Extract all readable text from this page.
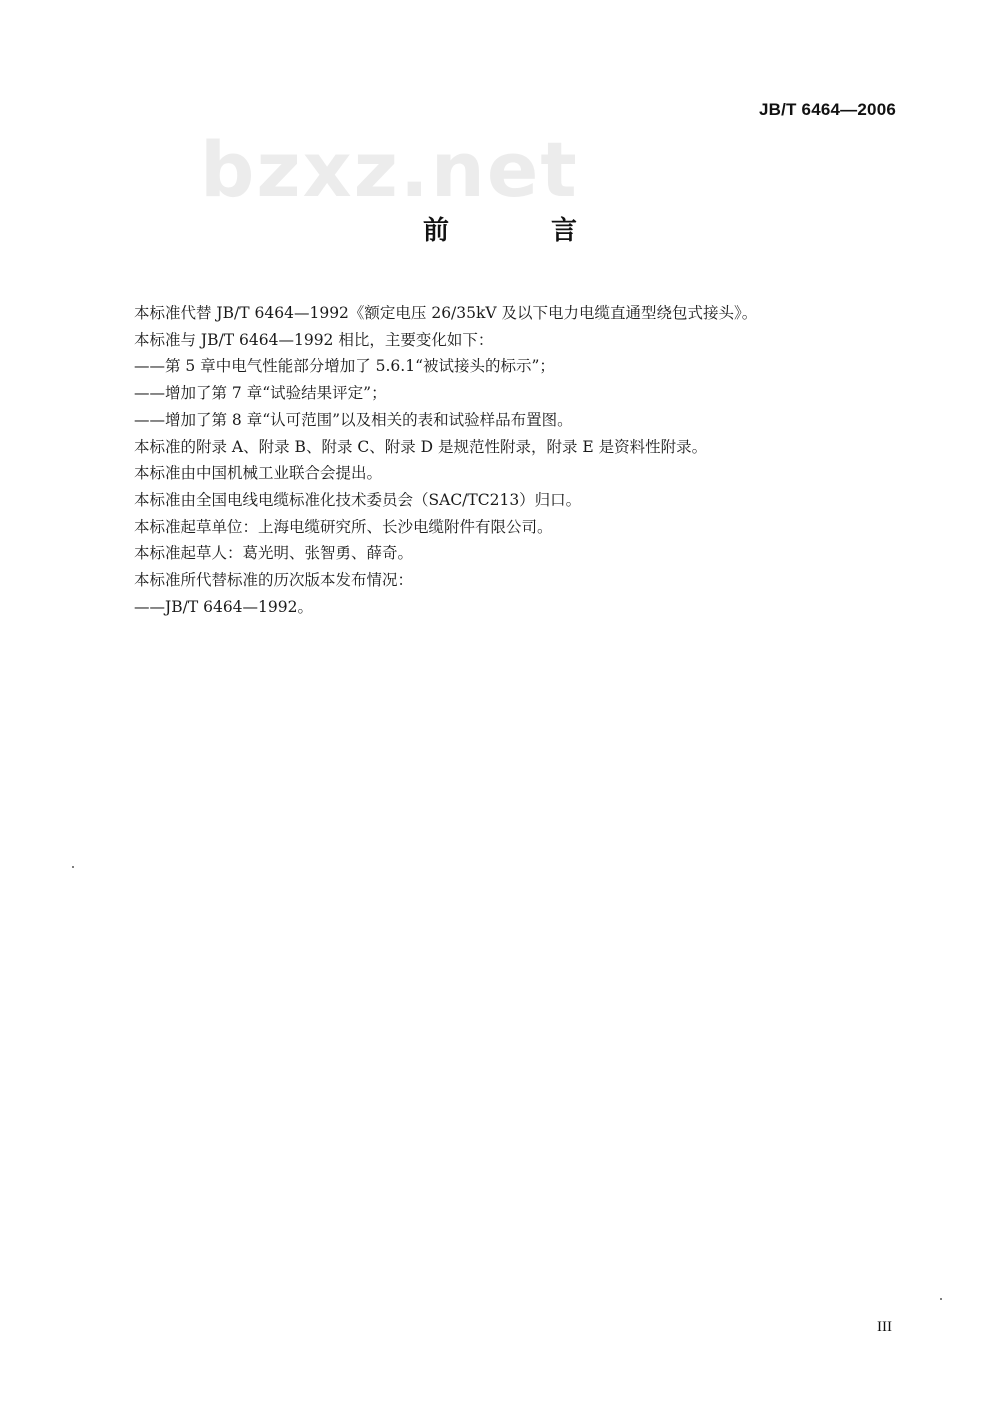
JB/T 6464—2006
bzxz.net
前　言

本标准代替 JB/T 6464—1992《额定电压 26/35kV 及以下电力电缆直通型绕包式接头》。

本标准与 JB/T 6464—1992 相比，主要变化如下：

——第 5 章中电气性能部分增加了 5.6.1“被试接头的标示”；

——增加了第 7 章“试验结果评定”；

——增加了第 8 章“认可范围”以及相关的表和试验样品布置图。

本标准的附录 A、附录 B、附录 C、附录 D 是规范性附录，附录 E 是资料性附录。

本标准由中国机械工业联合会提出。

本标准由全国电线电缆标准化技术委员会（SAC/TC213）归口。

本标准起草单位：上海电缆研究所、长沙电缆附件有限公司。

本标准起草人：葛光明、张智勇、薛奇。

本标准所代替标准的历次版本发布情况：

——JB/T 6464—1992。

III
